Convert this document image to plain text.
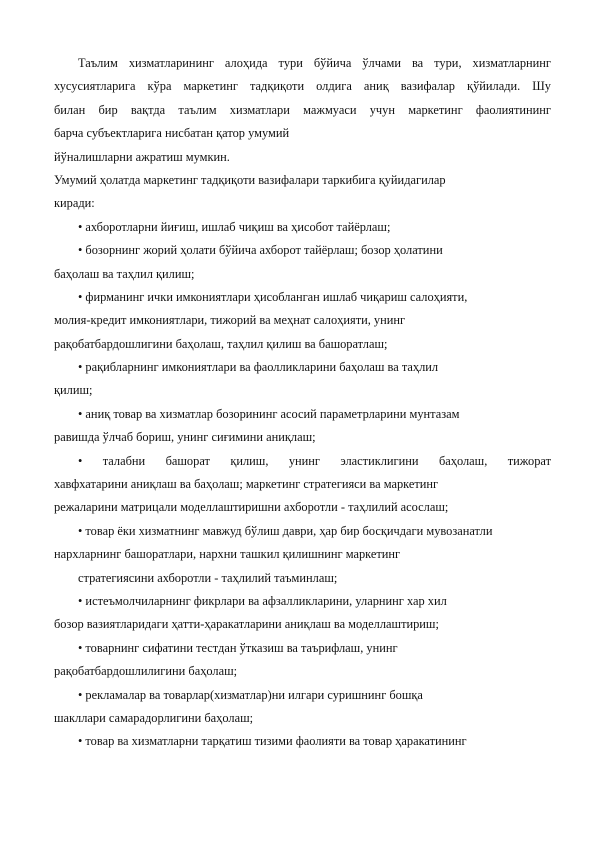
Таълим хизматларининг алоҳида тури бўйича ўлчами ва тури, хизматларнинг
хусусиятларига кўра маркетинг тадқиқоти олдига аниқ вазифалар қўйилади. Шу
билан бир вақтда таълим хизматлари мажмуаси учун маркетинг фаолиятининг
барча субъектларига нисбатан қатор умумий
йўналишларни ажратиш мумкин.
Умумий ҳолатда маркетинг тадқиқоти вазифалари таркибига қуйидагилар
киради:
• ахборотларни йиғиш, ишлаб чиқиш ва ҳисобот тайёрлаш;
• бозорнинг жорий ҳолати бўйича ахборот тайёрлаш; бозор ҳолатини
баҳолаш ва таҳлил қилиш;
• фирманинг ички имкониятлари ҳисобланган ишлаб чиқариш салоҳияти,
молия-кредит имкониятлари, тижорий ва меҳнат салоҳияти, унинг
рақобатбардошлигини баҳолаш, таҳлил қилиш ва башоратлаш;
• рақибларнинг имкониятлари ва фаолликларини баҳолаш ва таҳлил
қилиш;
• аниқ товар ва хизматлар бозорининг асосий параметрларини мунтазам
равишда ўлчаб бориш, унинг сиғимини аниқлаш;
• талабни башорат қилиш, унинг эластиклигини баҳолаш, тижорат
хавфхатарини аниқлаш ва баҳолаш; маркетинг стратегияси ва маркетинг
режаларини матрицали моделлаштиришни ахборотли - таҳлилий асослаш;
• товар ёки хизматнинг мавжуд бўлиш даври, ҳар бир босқичдаги мувозанатли
нархларнинг башоратлари, нархни ташкил қилишнинг маркетинг
стратегиясини ахборотли - таҳлилий таъминлаш;
• истеъмолчиларнинг фикрлари ва афзалликларини, уларнинг хар хил
бозор вазиятларидаги ҳатти-ҳаракатларини аниқлаш ва моделлаштириш;
• товарнинг сифатини тестдан ўтказиш ва таърифлаш, унинг
рақобатбардошлилигини баҳолаш;
• рекламалар ва товарлар(хизматлар)ни илгари суришнинг бошқа
шакллари самарадорлигини баҳолаш;
• товар ва хизматларни тарқатиш тизими фаолияти ва товар ҳаракатининг
